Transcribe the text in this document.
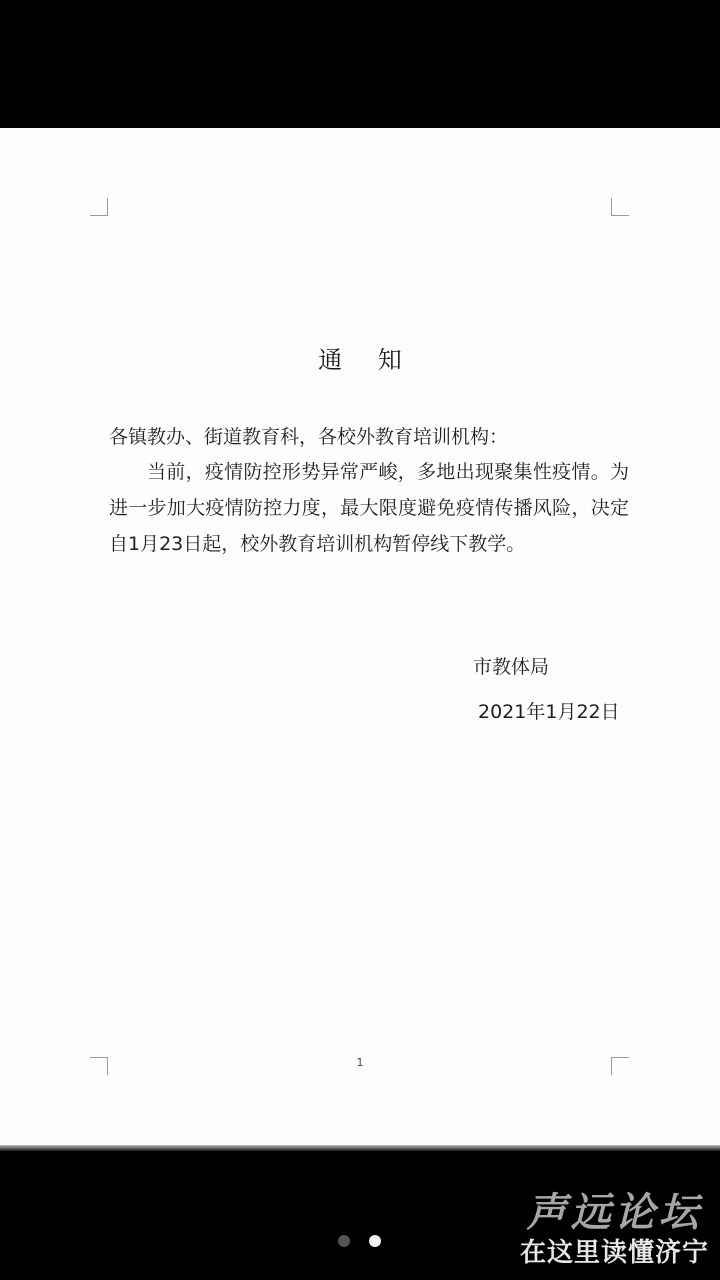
通 知
各镇教办、街道教育科，各校外教育培训机构：
当前，疫情防控形势异常严峻，多地出现聚集性疫情。为进一步加大疫情防控力度，最大限度避免疫情传播风险，决定自1月23日起，校外教育培训机构暂停线下教学。
市教体局
2021年1月22日
1
声远论坛
在这里读懂济宁
